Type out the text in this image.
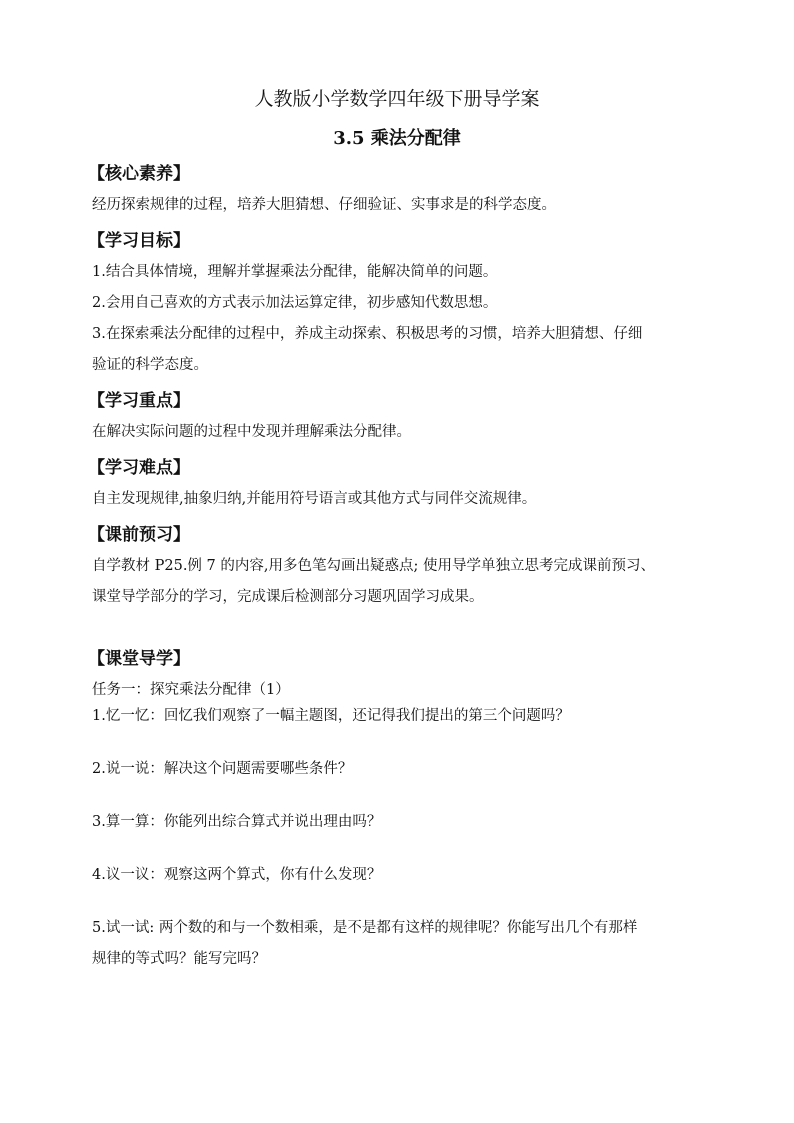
人教版小学数学四年级下册导学案
3.5 乘法分配律
【核心素养】

经历探索规律的过程，培养大胆猜想、仔细验证、实事求是的科学态度。

【学习目标】

1.结合具体情境，理解并掌握乘法分配律，能解决简单的问题。

2.会用自己喜欢的方式表示加法运算定律，初步感知代数思想。

3.在探索乘法分配律的过程中，养成主动探索、积极思考的习惯，培养大胆猜想、仔细

验证的科学态度。

【学习重点】

在解决实际问题的过程中发现并理解乘法分配律。

【学习难点】

自主发现规律,抽象归纳,并能用符号语言或其他方式与同伴交流规律。

【课前预习】

自学教材 P25.例 7 的内容,用多色笔勾画出疑惑点; 使用导学单独立思考完成课前预习、

课堂导学部分的学习，完成课后检测部分习题巩固学习成果。

【课堂导学】

任务一：探究乘法分配律（1）

1.忆一忆：回忆我们观察了一幅主题图，还记得我们提出的第三个问题吗？

2.说一说：解决这个问题需要哪些条件？

3.算一算：你能列出综合算式并说出理由吗？

4.议一议：观察这两个算式，你有什么发现？

5.试一试: 两个数的和与一个数相乘，是不是都有这样的规律呢？你能写出几个有那样

规律的等式吗？能写完吗？
